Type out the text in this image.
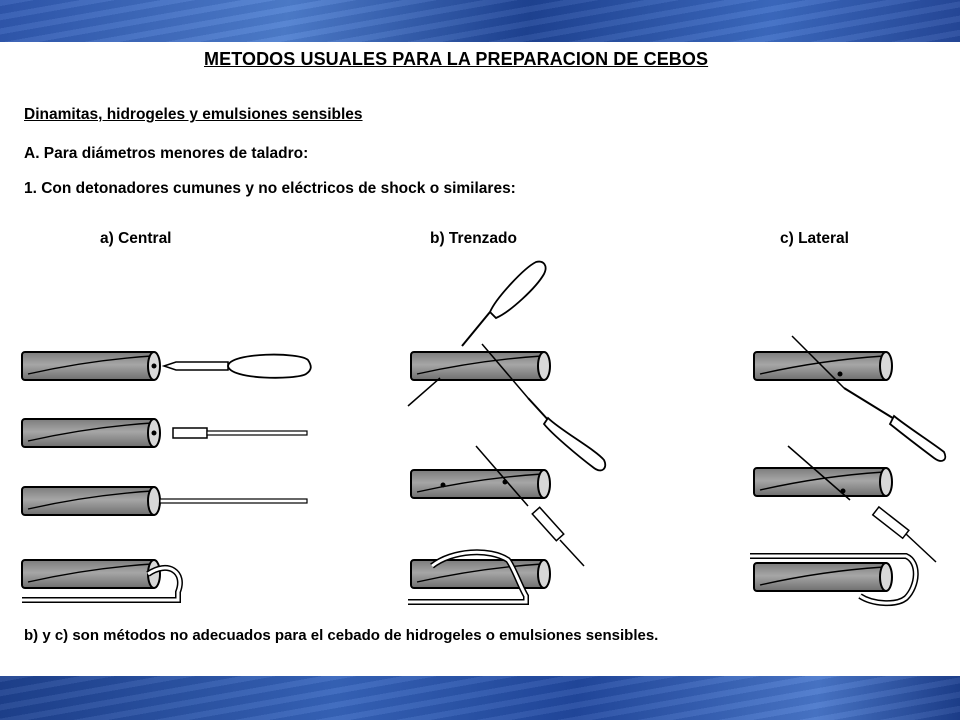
METODOS USUALES PARA LA PREPARACION DE CEBOS

Dinamitas, hidrogeles y emulsiones sensibles

A. Para diámetros menores de taladro:

1. Con detonadores cumunes y no eléctricos de shock o similares:

a) Central	b) Trenzado	c) Lateral

b) y c) son métodos no adecuados para el cebado de hidrogeles o emulsiones sensibles.
